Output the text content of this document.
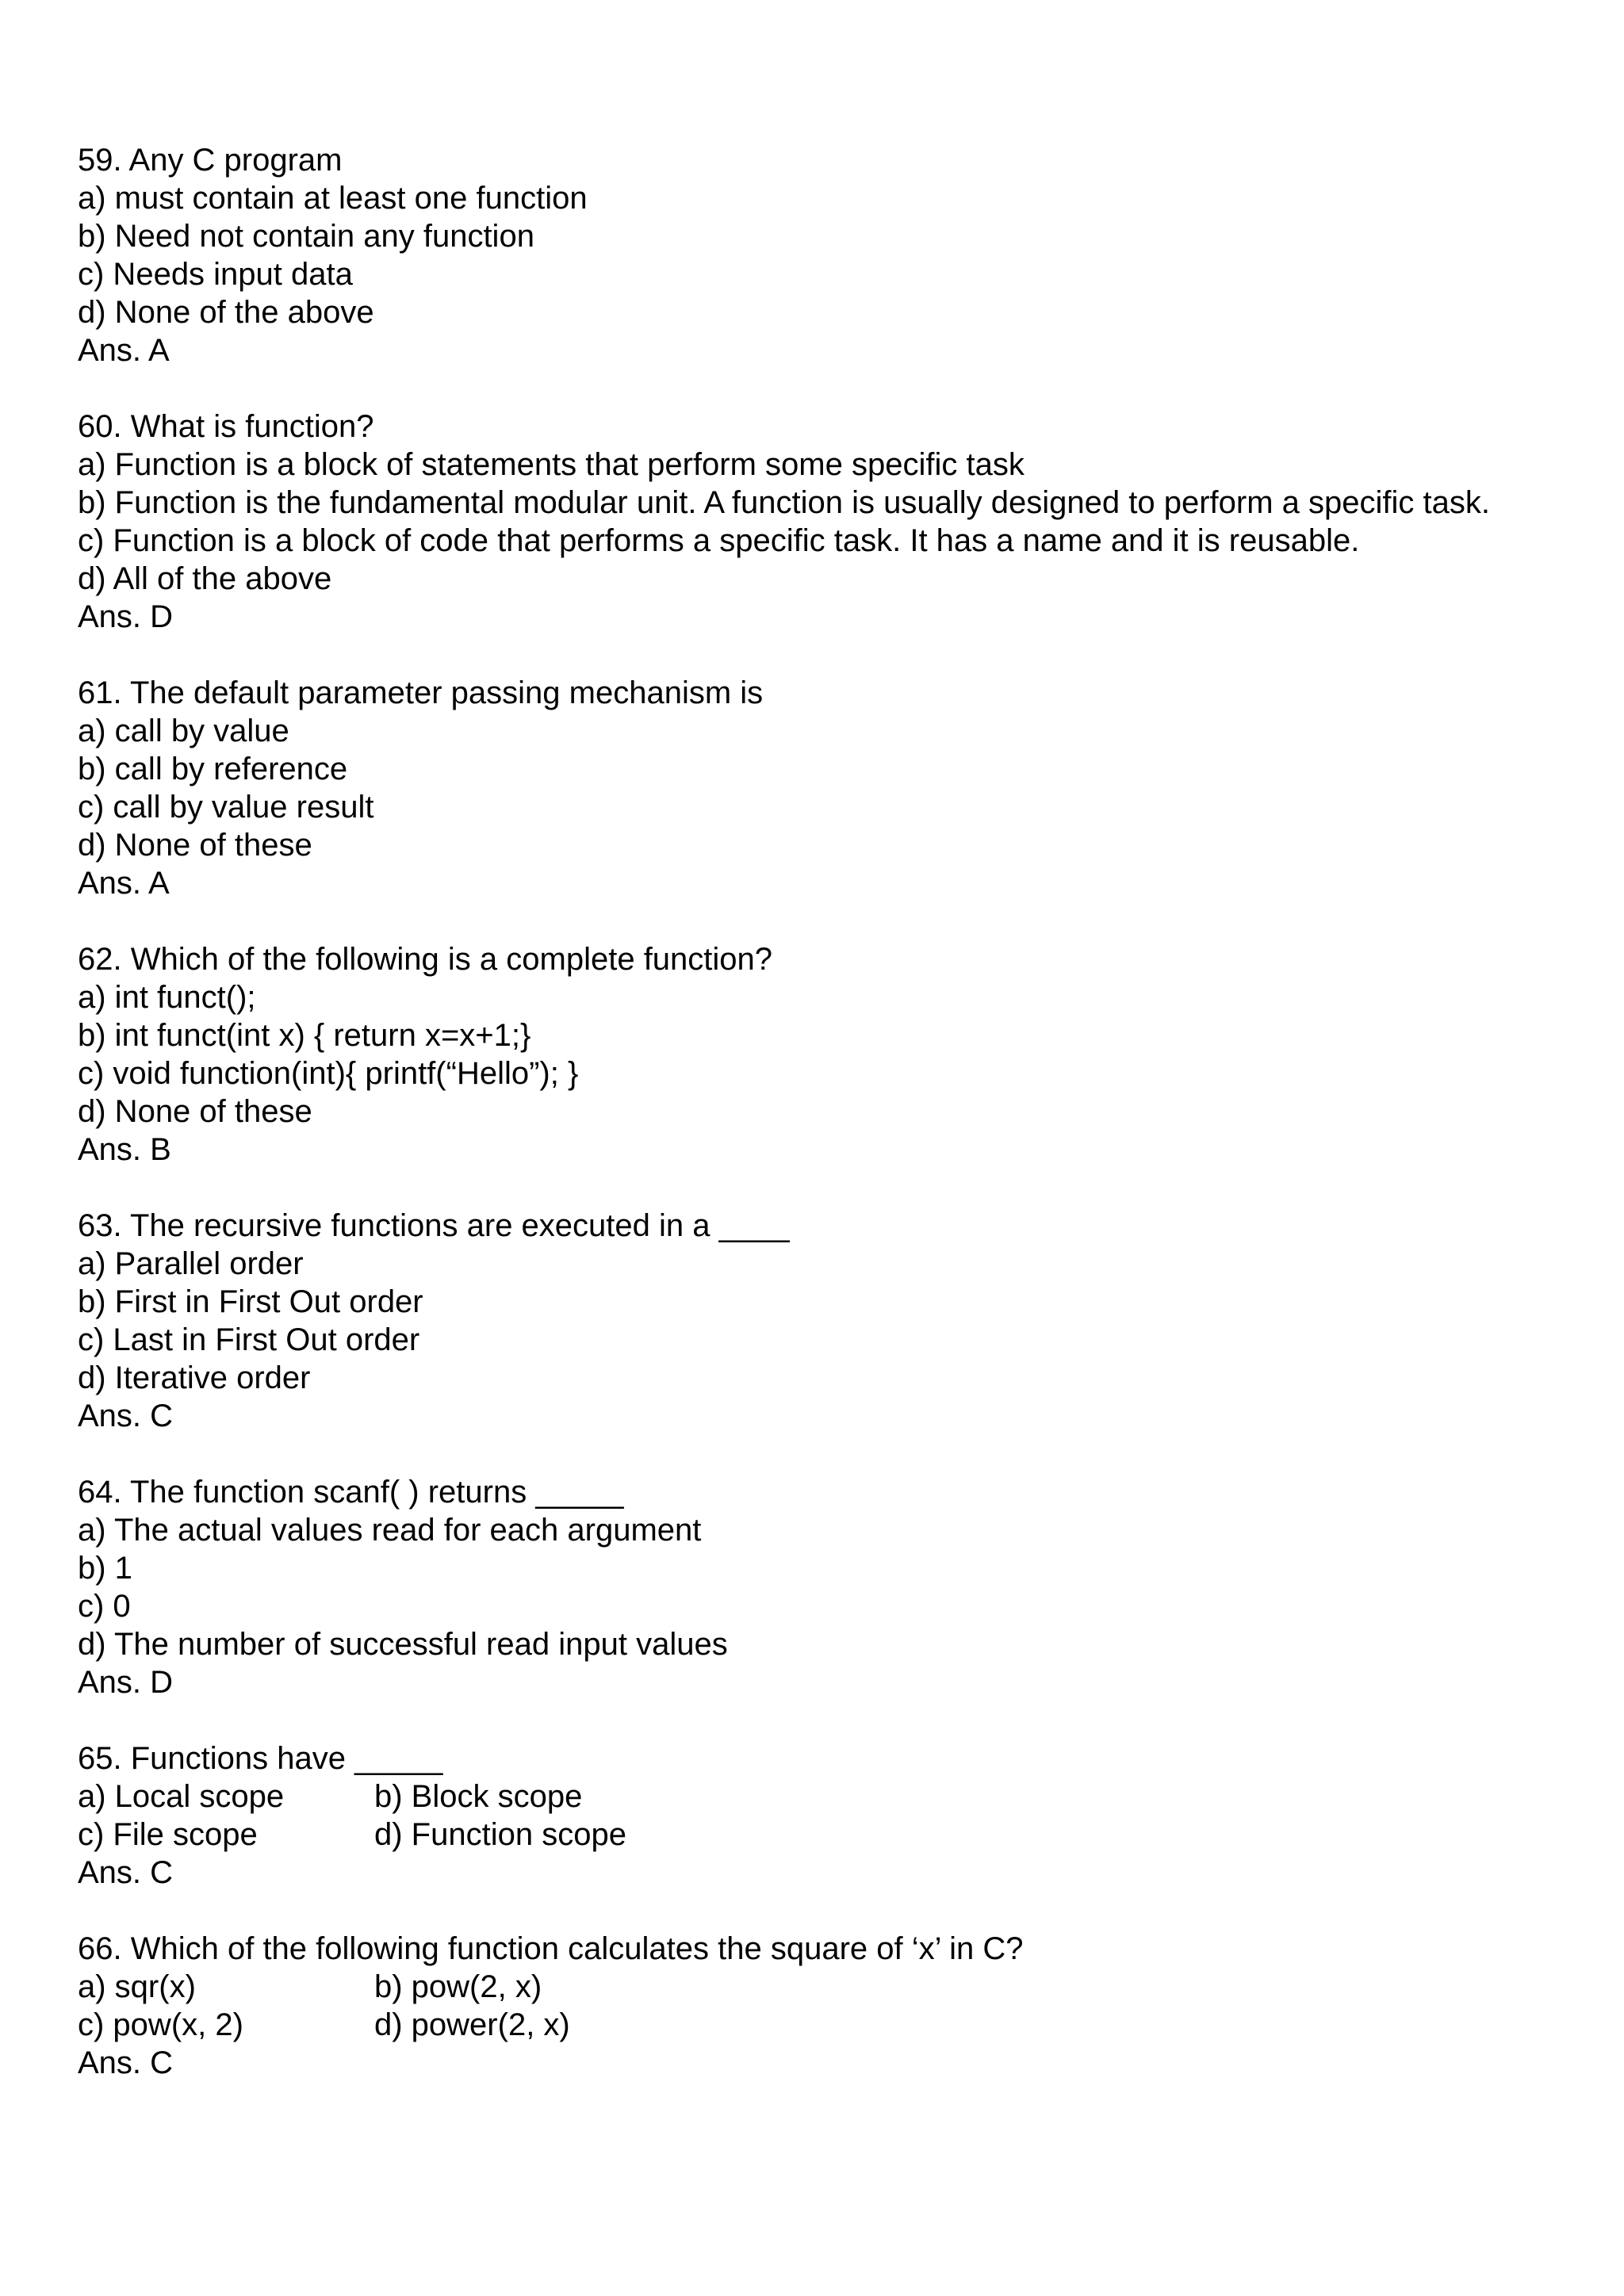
59. Any C program
a) must contain at least one function
b) Need not contain any function
c) Needs input data
d) None of the above
Ans. A
60. What is function?
a) Function is a block of statements that perform some specific task
b) Function is the fundamental modular unit. A function is usually designed to perform a specific task.
c) Function is a block of code that performs a specific task. It has a name and it is reusable.
d) All of the above
Ans. D
61. The default parameter passing mechanism is
a) call by value
b) call by reference
c) call by value result
d) None of these
Ans. A
62. Which of the following is a complete function?
a) int funct();
b) int funct(int x) { return x=x+1;}
c) void function(int){ printf(“Hello”); }
d) None of these
Ans. B
63. The recursive functions are executed in a ____
a) Parallel order
b) First in First Out order
c) Last in First Out order
d) Iterative order
Ans. C
64. The function scanf( ) returns _____
a) The actual values read for each argument
b) 1
c) 0
d) The number of successful read input values
Ans. D
65. Functions have _____
a) Local scope	b) Block scope
c) File scope	d) Function scope
Ans. C
66. Which of the following function calculates the square of ‘x’ in C?
a) sqr(x)	b) pow(2, x)
c) pow(x, 2)	d) power(2, x)
Ans. C
